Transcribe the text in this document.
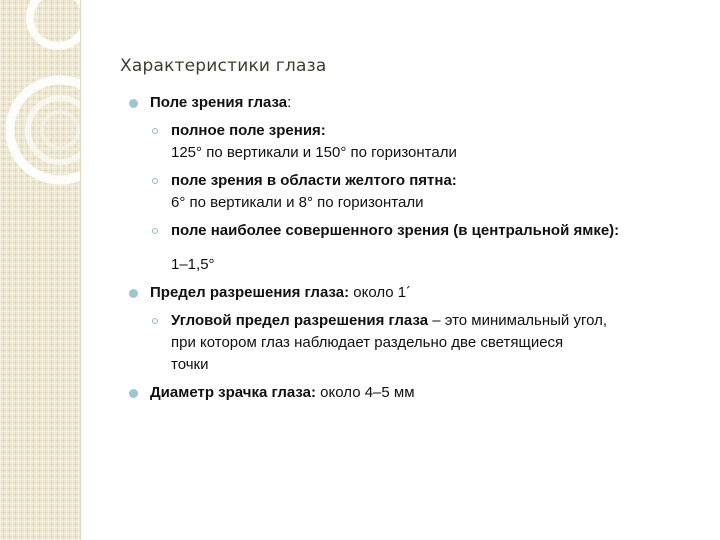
Характеристики глаза
Поле зрения глаза:
полное поле зрения:
125° по вертикали и 150° по горизонтали
поле зрения в области желтого пятна:
6° по вертикали и 8° по горизонтали
поле наиболее совершенного зрения (в центральной ямке):
1–1,5°
Предел разрешения глаза: около 1´
Угловой предел разрешения глаза – это минимальный угол,
при котором глаз наблюдает раздельно две светящиеся
точки
Диаметр зрачка глаза: около 4–5 мм
